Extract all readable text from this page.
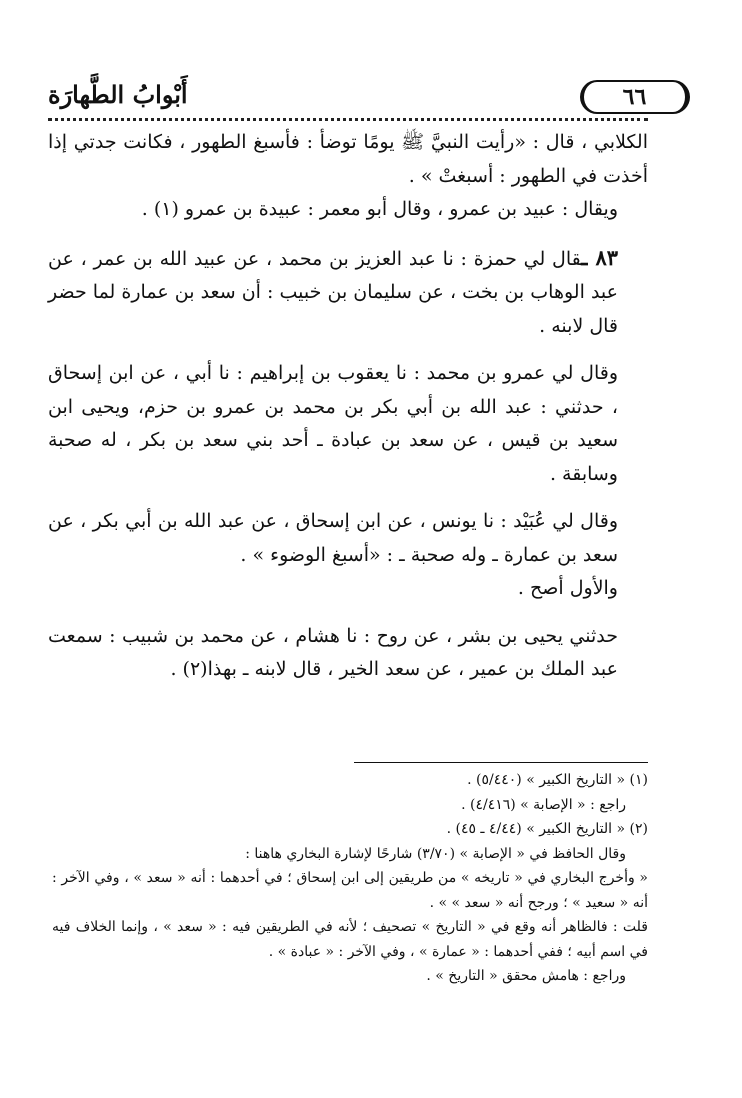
أَبْوابُ الطَّهارَة	٦٦

الكلابي ، قال : «رأيت النبيَّ ﷺ يومًا توضأ : فأسبغ الطهور ، فكانت جدتي إذا أخذت في الطهور : أسبغتْ » .

ويقال : عبيد بن عمرو ، وقال أبو معمر : عبيدة بن عمرو (١) .

٨٣ ـقال لي حمزة : نا عبد العزيز بن محمد ، عن عبيد الله بن عمر ، عن عبد الوهاب بن بخت ، عن سليمان بن خبيب : أن سعد بن عمارة لما حضر قال لابنه .

وقال لي عمرو بن محمد : نا يعقوب بن إبراهيم : نا أبي ، عن ابن إسحاق ، حدثني : عبد الله بن أبي بكر بن محمد بن عمرو بن حزم، ويحيى ابن سعيد بن قيس ، عن سعد بن عبادة ـ أحد بني سعد بن بكر ، له صحبة وسابقة .

وقال لي عُبَيْد : نا يونس ، عن ابن إسحاق ، عن عبد الله بن أبي بكر ، عن سعد بن عمارة ـ وله صحبة ـ : «أسبغ الوضوء » .

والأول أصح .

حدثني يحيى بن بشر ، عن روح : نا هشام ، عن محمد بن شبيب : سمعت عبد الملك بن عمير ، عن سعد الخير ، قال لابنه ـ بهذا(٢) .

(١) « التاريخ الكبير » (٥/٤٤٠) .

راجع : « الإصابة » (٤/٤١٦) .

(٢) « التاريخ الكبير » (٤/٤٤ ـ ٤٥) .

وقال الحافظ في « الإصابة » (٣/٧٠) شارحًا لإشارة البخاري هاهنا :

« وأخرج البخاري في « تاريخه » من طريقين إلى ابن إسحاق ؛ في أحدهما : أنه « سعد » ، وفي الآخر : أنه « سعيد » ؛ ورجح أنه « سعد » » .

قلت : فالظاهر أنه وقع في « التاريخ » تصحيف ؛ لأنه في الطريقين فيه : « سعد » ، وإنما الخلاف فيه في اسم أبيه ؛ ففي أحدهما : « عمارة » ، وفي الآخر : « عبادة » .

وراجع : هامش محقق « التاريخ » .
